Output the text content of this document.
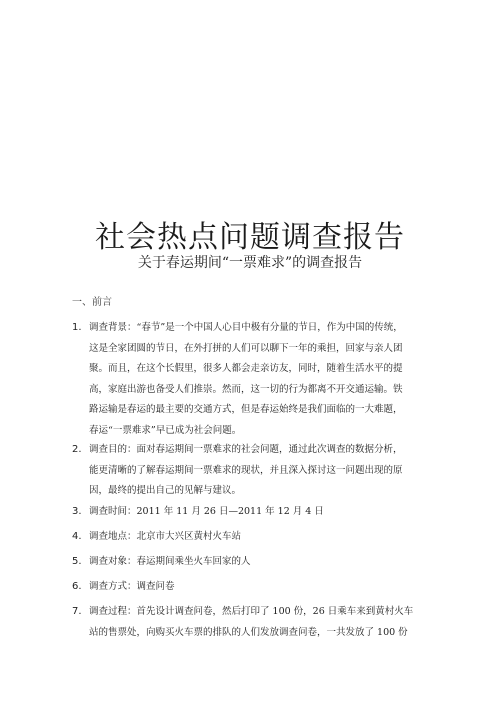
社会热点问题调查报告
关于春运期间“一票难求”的调查报告
一、前言
1. 调查背景：“春节”是一个中国人心目中极有分量的节日，作为中国的传统，
这是全家团圆的节日，在外打拼的人们可以聊下一年的乘担，回家与亲人团
聚。而且，在这个长假里，很多人都会走亲访友，同时，随着生活水平的提
高，家庭出游也备受人们推崇。然而，这一切的行为都离不开交通运输。铁
路运输是春运的最主要的交通方式，但是春运始终是我们面临的一大难题，
春运“一票难求”早已成为社会问题。
2. 调查目的：面对春运期间一票难求的社会问题，通过此次调查的数据分析，
能更清晰的了解春运期间一票难求的现状，并且深入探讨这一问题出现的原
因，最终的提出自己的见解与建议。
3. 调查时间：2011 年 11 月 26 日—2011 年 12 月 4 日
4. 调查地点：北京市大兴区黄村火车站
5. 调查对象：春运期间乘坐火车回家的人
6. 调查方式：调查问卷
7. 调查过程：首先设计调查问卷，然后打印了 100 份，26 日乘车来到黄村火车
站的售票处，向购买火车票的排队的人们发放调查问卷，一共发放了 100 份
